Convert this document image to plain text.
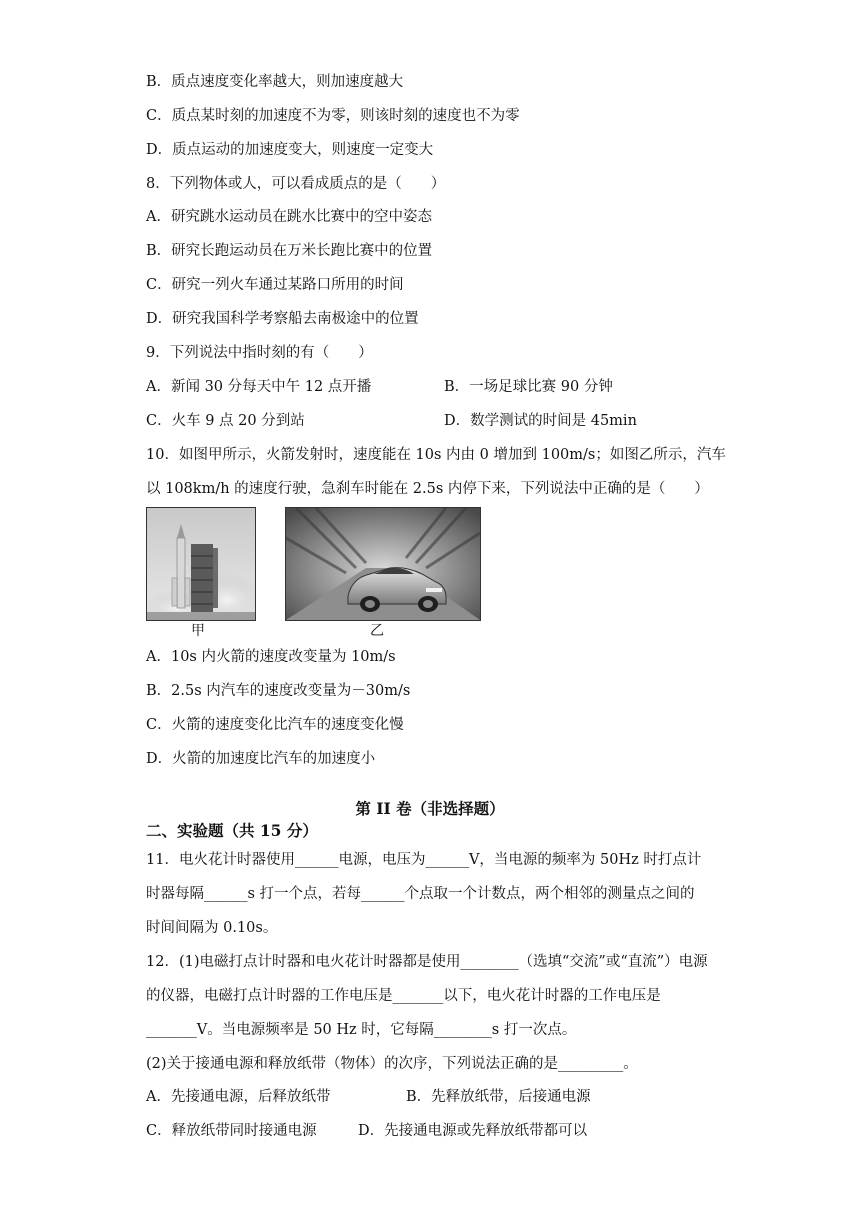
B．质点速度变化率越大，则加速度越大
C．质点某时刻的加速度不为零，则该时刻的速度也不为零
D．质点运动的加速度变大，则速度一定变大
8．下列物体或人，可以看成质点的是（　　）
A．研究跳水运动员在跳水比赛中的空中姿态
B．研究长跑运动员在万米长跑比赛中的位置
C．研究一列火车通过某路口所用的时间
D．研究我国科学考察船去南极途中的位置
9．下列说法中指时刻的有（　　）
A．新闻 30 分每天中午 12 点开播	B．一场足球比赛 90 分钟
C．火车 9 点 20 分到站	D．数学测试的时间是 45min
10．如图甲所示，火箭发射时，速度能在 10s 内由 0 增加到 100m/s；如图乙所示，汽车
以 108km/h 的速度行驶，急刹车时能在 2.5s 内停下来，下列说法中正确的是（　　）
甲	乙
A．10s 内火箭的速度改变量为 10m/s
B．2.5s 内汽车的速度改变量为－30m/s
C．火箭的速度变化比汽车的速度变化慢
D．火箭的加速度比汽车的加速度小
第 II 卷（非选择题）
二、实验题（共 15 分）
11．电火花计时器使用______电源，电压为______V，当电源的频率为 50Hz 时打点计
时器每隔______s 打一个点，若每______个点取一个计数点，两个相邻的测量点之间的
时间间隔为 0.10s。
12．(1)电磁打点计时器和电火花计时器都是使用________（选填“交流”或“直流”）电源
的仪器，电磁打点计时器的工作电压是_______以下，电火花计时器的工作电压是
_______V。当电源频率是 50 Hz 时，它每隔________s 打一次点。
(2)关于接通电源和释放纸带（物体）的次序，下列说法正确的是_________。
A．先接通电源，后释放纸带	B．先释放纸带，后接通电源
C．释放纸带同时接通电源	D．先接通电源或先释放纸带都可以
